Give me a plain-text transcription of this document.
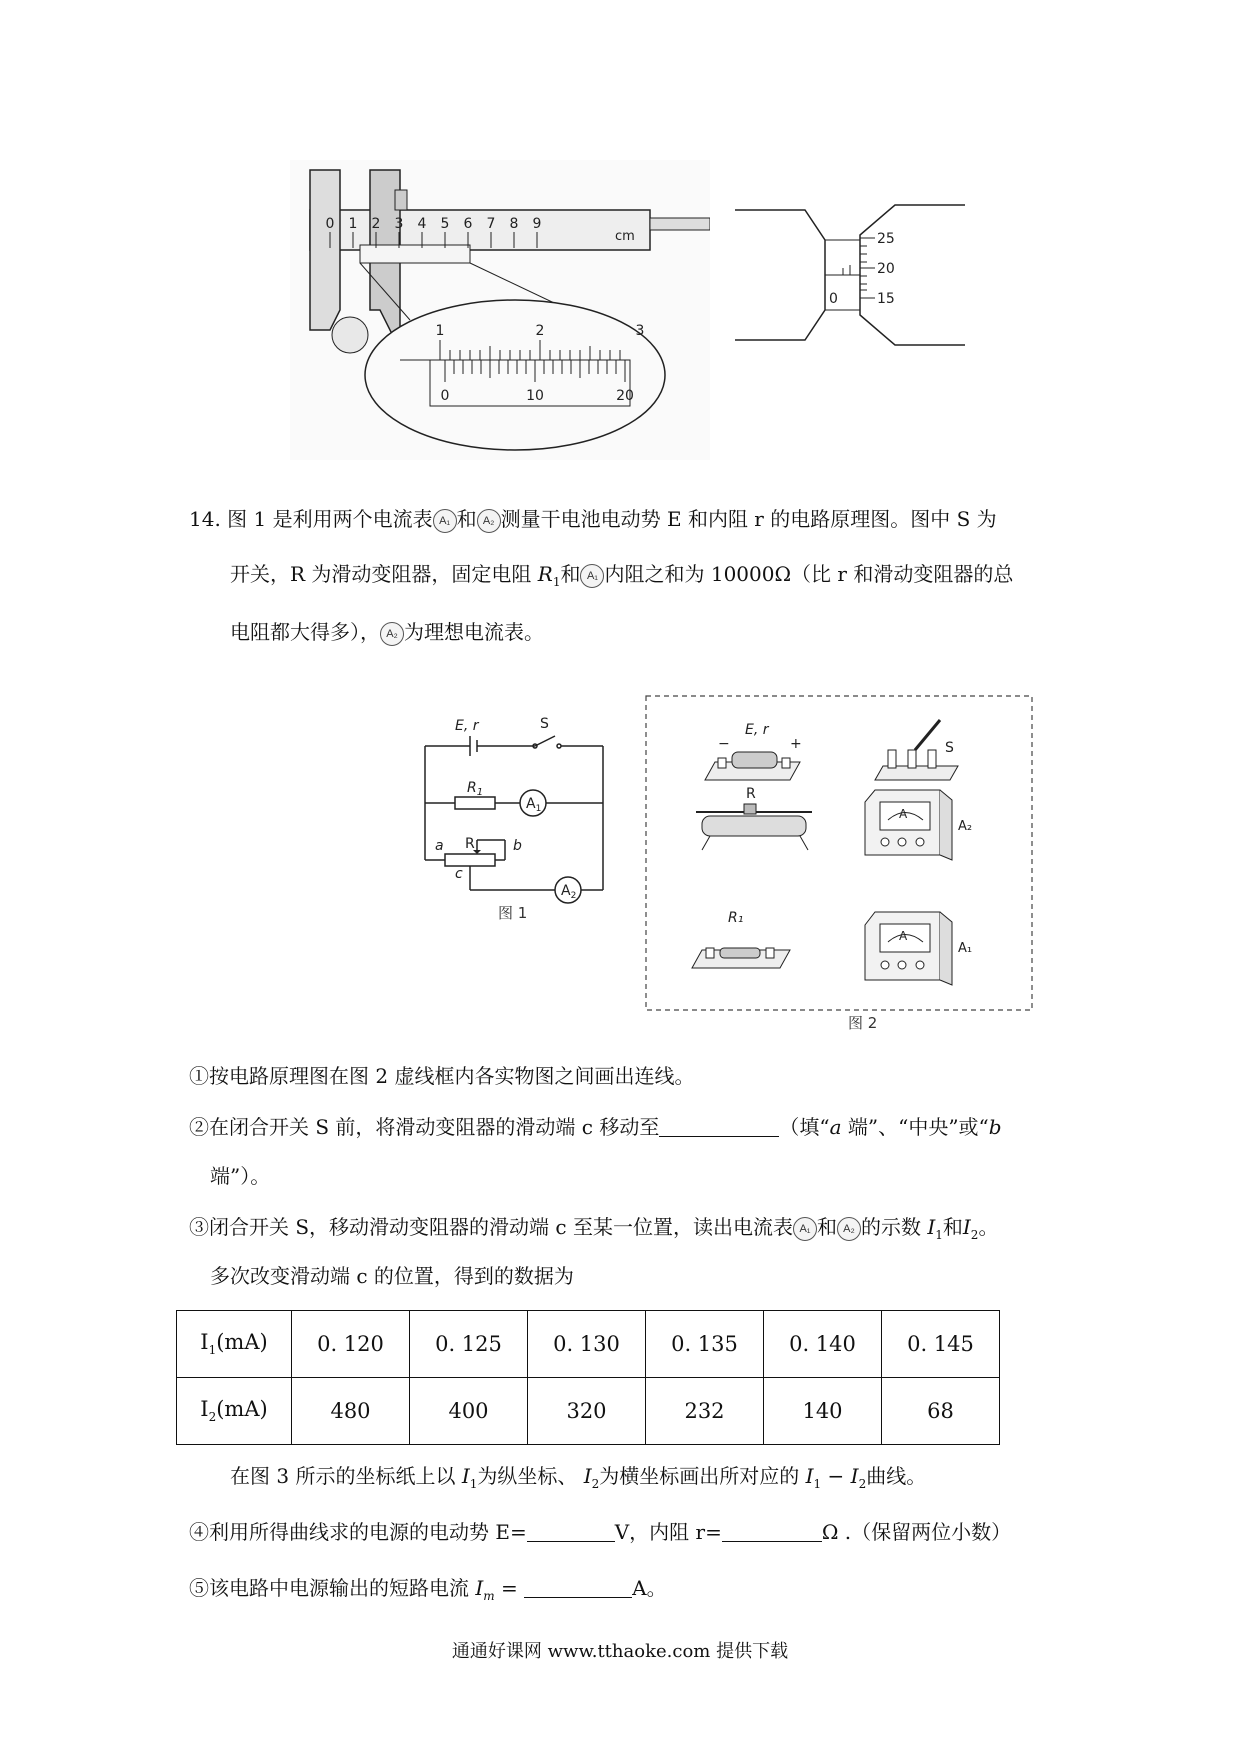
0 1 2 3 4 5 6 7 8 9
cm
1	2	3
0	10	20
25
20
15
0
14. 图 1 是利用两个电流表 A₁ 和 A₂ 测量干电池电动势 E 和内阻 r 的电路原理图。图中 S 为
开关，R 为滑动变阻器，固定电阻 $R_1$和 A₁ 内阻之和为 10000Ω（比 r 和滑动变阻器的总
电阻都大得多）， A₂ 为理想电流表。
E, r
$R_1$
a	b
c
S
R
$A_1$
$A_2$
图 1
E, r
−	+	S
R
A
A₂
R₁
A
A₁
图 2
①按电路原理图在图 2 虚线框内各实物图之间画出连线。
②在闭合开关 S 前，将滑动变阻器的滑动端 c 移动至	（填“a 端”、“中央”或“b
端”）。
③闭合开关 S，移动滑动变阻器的滑动端 c 至某一位置，读出电流表 A₁ 和 A₂ 的示数 $I_1$和$I_2$。
多次改变滑动端 c 的位置，得到的数据为
$I_1(mA)$	0. 120	0. 125	0. 130	0. 135	0. 140	0. 145
$I_2(mA)$	480	400	320	232	140	68
在图 3 所示的坐标纸上以 $I_1$为纵坐标、 $I_2$为横坐标画出所对应的 $I_1 - I_2$曲线。
④利用所得曲线求的电源的电动势 E=	V，内阻 r=	Ω .（保留两位小数）
⑤该电路中电源输出的短路电流 $I_m$ =	A。
通通好课网 www.tthaoke.com 提供下载
